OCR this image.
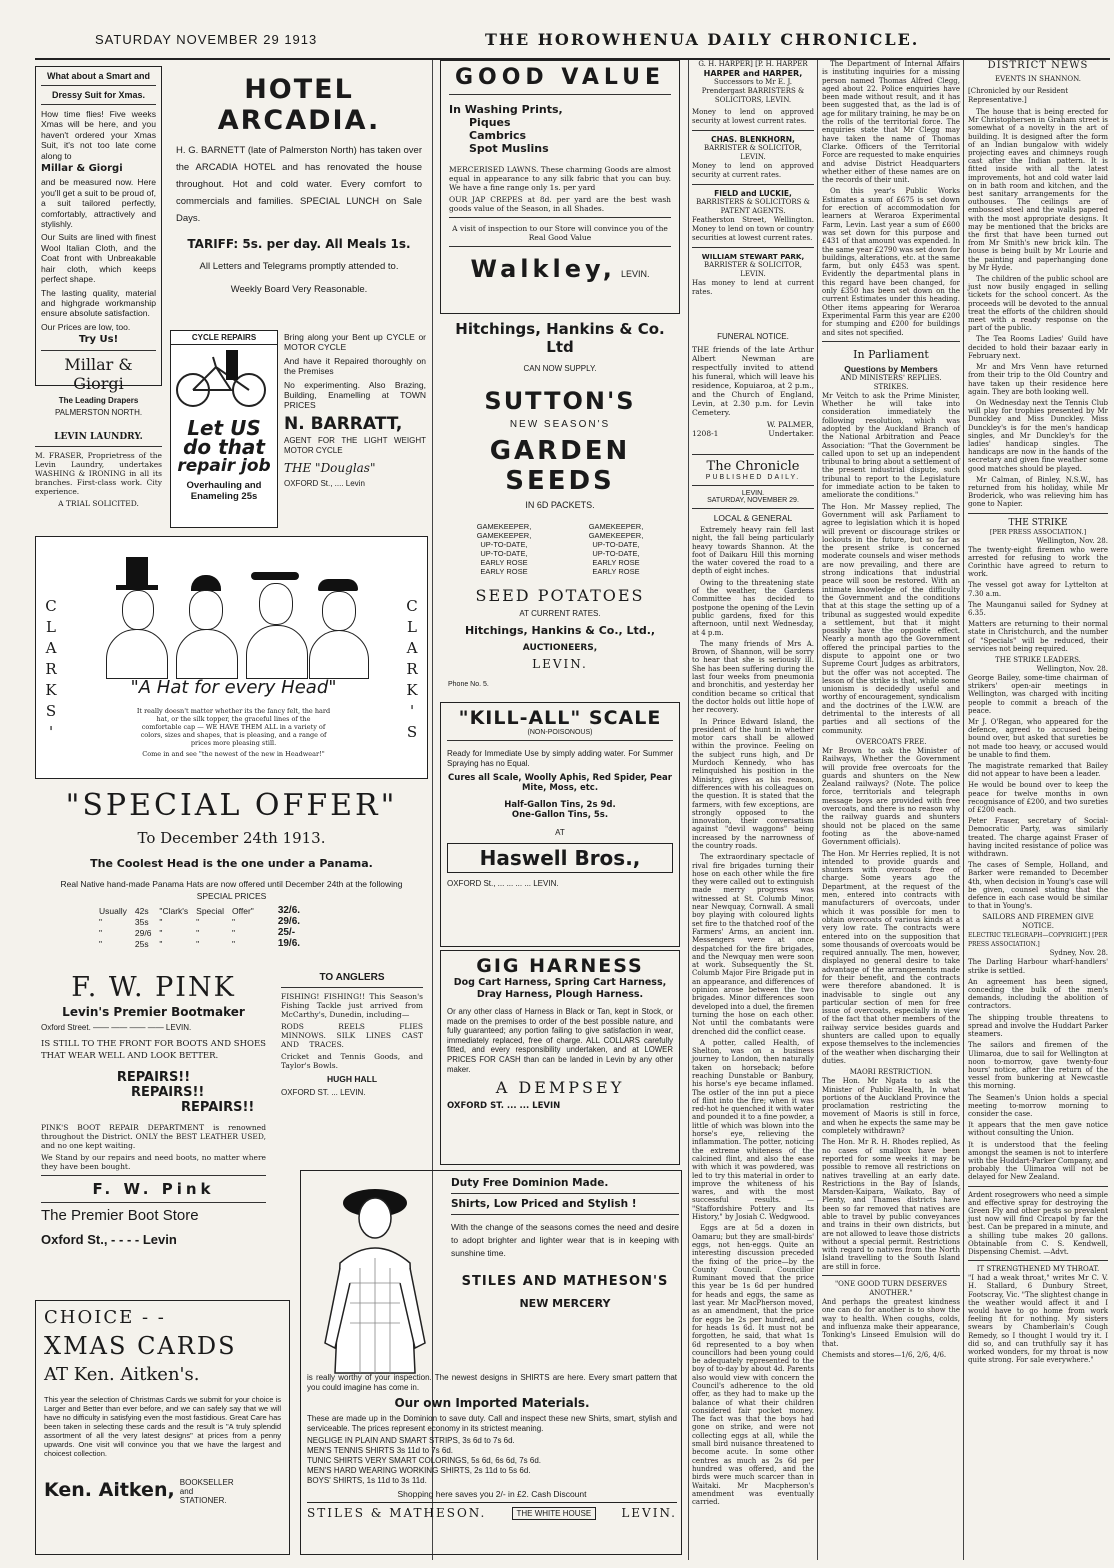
SATURDAY NOVEMBER 29 1913	THE HOROWHENUA DAILY CHRONICLE.
What about a Smart and
Dressy Suit for Xmas.

How time flies! Five weeks Xmas will be here, and you haven't ordered your Xmas Suit, it's not too late come along to

Millar & Giorgi

and be measured now. Here you'll get a suit to be proud of, a suit tailored perfectly, comfortably, attractively and stylishly.

Our Suits are lined with finest Wool Italian Cloth, and the Coat front with Unbreakable hair cloth, which keeps perfect shape.

The lasting quality, material and highgrade workmanship ensure absolute satisfaction.

Our Prices are low, too.

Try Us!

Millar & Giorgi
The Leading Drapers
PALMERSTON NORTH.
LEVIN LAUNDRY.

M. FRASER, Proprietress of the Levin Laundry, undertakes WASHING & IRONING in all its branches. First-class work. City experience.

A TRIAL SOLICITED.
HOTEL ARCADIA.

H. G. BARNETT (late of Palmerston North) has taken over the ARCADIA HOTEL and has renovated the house throughout. Hot and cold water. Every comfort to commercials and families. SPECIAL LUNCH on Sale Days.

TARIFF: 5s. per day. All Meals 1s.
All Letters and Telegrams promptly attended to.
Weekly Board Very Reasonable.
CYCLE REPAIRS
Let US
do that
repair job
Overhauling and
Enameling 25s

Bring along your Bent up CYCLE or MOTOR CYCLE

And have it Repaired thoroughly on the Premises

No experimenting. Also Brazing, Building, Enamelling at TOWN PRICES

N. BARRATT,

AGENT FOR THE LIGHT WEIGHT MOTOR CYCLE

THE "Douglas"
OXFORD St., .... Levin
CLARKS'	CLARK'S
"A Hat for every Head"

It really doesn't matter whether its the fancy felt, the hard hat, or the silk topper, the graceful lines of the comfortable cap — WE HAVE THEM ALL in a variety of colors, sizes and shapes, that is pleasing, and a range of prices more pleasing still.

Come in and see "the newest of the new in Headwear!"

"SPECIAL OFFER"
To December 24th 1913.
The Coolest Head is the one under a Panama.

Real Native hand-made Panama Hats are now offered until December 24th at the following SPECIAL PRICES

Usually	42s	"Clark's	Special	Offer"	32/6.
"	35s	"	"	"	29/6.
"	29/6	"	"	"	25/-
"	25s	"	"	"	19/6.
F. W. PINK
Levin's Premier Bootmaker
Oxford Street. —— —— —— —— LEVIN.

IS STILL TO THE FRONT FOR BOOTS AND SHOES THAT WEAR WELL AND LOOK BETTER.

REPAIRS!!
REPAIRS!!
REPAIRS!!

PINK'S BOOT REPAIR DEPARTMENT is renowned throughout the District. ONLY the BEST LEATHER USED, and no one kept waiting.

We Stand by our repairs and need boots, no matter where they have been bought.

F. W. Pink
The Premier Boot Store
Oxford St., - - - - Levin
TO ANGLERS

FISHING! FISHING!! This Season's Fishing Tackle just arrived from McCarthy's, Dunedin, including—

RODS REELS FLIES MINNOWS. SILK LINES CAST AND TRACES.

Cricket and Tennis Goods, and Taylor's Bowls.

HUGH HALL
OXFORD ST. ... LEVIN.
CHOICE - -
XMAS CARDS
AT Ken. Aitken's.

This year the selection of Christmas Cards we submit for your choice is Larger and Better than ever before, and we can safely say that we will have no difficulty in satisfying even the most fastidious. Great Care has been taken in selecting these cards and the result is "A truly splendid assortment of all the very latest designs" at prices from a penny upwards. One visit will convince you that we have the largest and choicest collection.

Ken. Aitken, BOOKSELLER and STATIONER.
GOOD VALUE
In Washing Prints,
Piques
Cambrics
Spot Muslins

MERCERISED LAWNS. These charming Goods are almost equal in appearance to any silk fabric that you can buy. We have a fine range only 1s. per yard

OUR JAP CREPES at 8d. per yard are the best wash goods value of the Season, in all Shades.

A visit of inspection to our Store will convince you of the Real Good Value

Walkley, LEVIN.
Hitchings, Hankins & Co. Ltd
CAN NOW SUPPLY.
SUTTON'S
NEW SEASON'S
GARDEN SEEDS
IN 6D PACKETS.
GAMEKEEPER,	GAMEKEEPER,
GAMEKEEPER,	GAMEKEEPER,
UP-TO-DATE,	UP-TO-DATE,
UP-TO-DATE,	UP-TO-DATE,
EARLY ROSE	EARLY ROSE
EARLY ROSE	EARLY ROSE
SEED POTATOES
AT CURRENT RATES.
Hitchings, Hankins & Co., Ltd.,
AUCTIONEERS,
LEVIN.
Phone No. 5.
"KILL-ALL" SCALE
(NON-POISONOUS)

Ready for Immediate Use by simply adding water. For Summer Spraying has no Equal.

Cures all Scale, Woolly Aphis, Red Spider, Pear Mite, Moss, etc.

Half-Gallon Tins, 2s 9d.
One-Gallon Tins, 5s.
AT
Haswell Bros.,
OXFORD St., ... ... ... ... LEVIN.
GIG HARNESS
Dog Cart Harness, Spring Cart Harness, Dray Harness, Plough Harness.

Or any other class of Harness in Black or Tan, kept in Stock, or made on the premises to order of the best possible nature, and fully guaranteed; any portion failing to give satisfaction in wear, immediately replaced, free of charge. ALL COLLARS carefully fitted, and every responsibility undertaken, and at LOWER PRICES FOR CASH than can be landed in Levin by any other maker.

A DEMPSEY
OXFORD ST. ... ... LEVIN
Duty Free Dominion Made.
Shirts, Low Priced and Stylish !

With the change of the seasons comes the need and desire to adopt brighter and lighter wear that is in keeping with sunshine time.

STILES AND MATHESON'S
NEW MERCERY

is really worthy of your inspection. The newest designs in SHIRTS are here. Every smart pattern that you could imagine has come in.

Our own Imported Materials.

These are made up in the Dominion to save duty. Call and inspect these new Shirts, smart, stylish and serviceable. The prices represent economy in its strictest meaning.

NEGLIGE IN PLAIN AND SMART STRIPS, 3s 6d to 7s 6d.
MEN'S TENNIS SHIRTS 3s 11d to 7s 6d.
TUNIC SHIRTS VERY SMART COLORINGS, 5s 6d, 6s 6d, 7s 6d.
MEN'S HARD WEARING WORKING SHIRTS, 2s 11d to 5s 6d.
BOYS' SHIRTS, 1s 11d to 3s 11d.
Shopping here saves you 2/- in £2. Cash Discount
STILES & MATHESON.	THE WHITE HOUSE	LEVIN.
G. H. HARPER] [P. H. HARPER
HARPER and HARPER,

Successors to Mr E. J. Prendergast BARRISTERS & SOLICITORS, LEVIN.

Money to lend on approved security at lowest current rates.

CHAS. BLENKHORN,
BARRISTER & SOLICITOR, LEVIN.

Money to lend on approved security at current rates.

FIELD and LUCKIE,
BARRISTERS & SOLICITORS & PATENT AGENTS.

Featherston Street, Wellington. Money to lend on town or country securities at lowest current rates.

WILLIAM STEWART PARK,
BARRISTER & SOLICITOR, LEVIN.

Has money to lend at current rates.

FUNERAL NOTICE.

THE friends of the late Arthur Albert Newman are respectfully invited to attend his funeral, which will leave his residence, Kopuiaroa, at 2 p.m., and the Church of England, Levin, at 2.30 p.m. for Levin Cemetery.

W. PALMER,
1208-1	Undertaker.
The Chronicle
PUBLISHED DAILY.
LEVIN.
SATURDAY, NOVEMBER 29.
LOCAL & GENERAL

Extremely heavy rain fell last night, the fall being particularly heavy towards Shannon. At the foot of Daikaru Hill this morning the water covered the road to a depth of eight inches.

Owing to the threatening state of the weather, the Gardens Committee has decided to postpone the opening of the Levin public gardens, fixed for this afternoon, until next Wednesday, at 4 p.m.

The many friends of Mrs A. Brown, of Shannon, will be sorry to hear that she is seriously ill. She has been suffering during the last four weeks from pneumonia and bronchitis, and yesterday her condition became so critical that the doctor holds out little hope of her recovery.

In Prince Edward Island, the president of the hunt in whether motor cars shall be allowed within the province. Feeling on the subject runs high, and Dr Murdoch Kennedy, who has relinquished his position in the Ministry, gives as his reason, differences with his colleagues on the question. It is stated that the farmers, with few exceptions, are strongly opposed to the innovation, their conversatism against "devil waggons" being increased by the narrowness of the country roads.

The extraordinary spectacle of rival fire brigades turning their hose on each other while the fire they were called out to extinguish made merry progress was witnessed at St. Columb Minor, near Newquay, Cornwall. A small boy playing with coloured lights set fire to the thatched roof of the Farmers' Arms, an ancient inn. Messengers were at once despatched for the fire brigades, and the Newquay men were soon at work. Subsequently the St. Columb Major Fire Brigade put in an appearance, and differences of opinion arose between the two brigades. Minor differences soon developed into a duel, the firemen turning the hose on each other. Not until the combatants were drenched did the conflict cease.

A potter, called Health, of Shelton, was on a business journey to London, then naturally taken on horseback; before reaching Dunstable or Banbury, his horse's eye became inflamed. The ostler of the inn put a piece of flint into the fire; when it was red-hot he quenched it with water and pounded it to a fine powder, a little of which was blown into the horse's eye, relieving the inflammation. The potter, noticing the extreme whiteness of the calcined flint, and also the ease with which it was powdered, was led to try this material in order to improve the whiteness of his wares, and with the most successful results. — "Staffordshire Pottery and Its History," by Josiah C. Wedgwood.

Eggs are at 5d a dozen in Oamaru; but they are small-birds' eggs, not hen-eggs. Quite an interesting discussion preceded the fixing of the price—by the County Council. Councillor Ruminant moved that the price this year be 1s 6d per hundred for heads and eggs, the same as last year. Mr MacPherson moved, as an amendment, that the price for eggs be 2s per hundred, and for heads 1s 6d. It must not be forgotten, he said, that what 1s 6d represented to a boy when councillors had been young could be adequately represented to the boy of to-day by about 4d. Parents also would view with concern the Council's adherence to the old offer, as they had to make up the balance of what their children considered fair pocket money. The fact was that the boys had gone on strike, and were not collecting eggs at all, while the small bird nuisance threatened to become acute. In some other centres as much as 2s 6d per hundred was offered, and the birds were much scarcer than in Waitaki. Mr Macpherson's amendment was eventually carried.

The Department of Internal Affairs is instituting inquiries for a missing person named Thomas Alfred Clegg, aged about 22. Police enquiries have been made without result, and it has been suggested that, as the lad is of age for military training, he may be on the rolls of the territorial force. The enquiries state that Mr Clegg may have taken the name of Thomas Clarke. Officers of the Territorial Force are requested to make enquiries and advise District Headquarters whether either of these names are on the records of their unit.

On this year's Public Works Estimates a sum of £675 is set down for erection of accommodation for learners at Weraroa Experimental Farm, Levin. Last year a sum of £600 was set down for this purpose and £431 of that amount was expended. In the same year £2790 was set down for buildings, alterations, etc. at the same farm, but only £453 was spent. Evidently the departmental plans in this regard have been changed, for only £350 has been set down on the current Estimates under this heading. Other items appearing for Weraroa Experimental Farm this year are £200 for stumping and £200 for buildings and sites not specified.

In Parliament
Questions by Members
AND MINISTERS' REPLIES.
STRIKES.

Mr Veitch to ask the Prime Minister, Whether he will take into consideration immediately the following resolution, which was adopted by the Auckland Branch of the National Arbitration and Peace Association: "That the Government be called upon to set up an independent tribunal to bring about a settlement of the present industrial dispute, such tribunal to report to the Legislature for immediate action to be taken to ameliorate the conditions."

The Hon. Mr Massey replied, The Government will ask Parliament to agree to legislation which it is hoped will prevent or discourage strikes or lockouts in the future, but so far as the present strike is concerned moderate counsels and wiser methods are now prevailing, and there are strong indications that industrial peace will soon be restored. With an intimate knowledge of the difficulty the Government and the conditions that at this stage the setting up of a tribunal as suggested would expedite a settlement, but that it might possibly have the opposite effect. Nearly a month ago the Government offered the principal parties to the dispute to appoint one or two Supreme Court Judges as arbitrators, but the offer was not accepted. The lesson of the strike is that, while some unionism is decidedly useful and worthy of encouragement, syndicalism and the doctrines of the I.W.W. are detrimental to the interests of all parties and all sections of the community.

OVERCOATS FREE.

Mr Brown to ask the Minister of Railways, Whether the Government will provide free overcoats for the guards and shunters on the New Zealand railways? (Note. The police force, territorials and telegraph message boys are provided with free overcoats, and there is no reason why the railway guards and shunters should not be placed on the same footing as the above-named Government officials).

The Hon. Mr Herries replied, It is not intended to provide guards and shunters with overcoats free of charge. Some years ago the Department, at the request of the men, entered into contracts with manufacturers of overcoats, under which it was possible for men to obtain overcoats of various kinds at a very low rate. The contracts were entered into on the supposition that some thousands of overcoats would be required annually. The men, however, displayed no general desire to take advantage of the arrangements made for their benefit, and the contracts were therefore abandoned. It is inadvisable to single out any particular section of men for free issue of overcoats, especially in view of the fact that other members of the railway service besides guards and shunters are called upon to equally expose themselves to the inclemencies of the weather when discharging their duties.

MAORI RESTRICTION.

The Hon. Mr Ngata to ask the Minister of Public Health, In what portions of the Auckland Province the proclamation restricting the movement of Maoris is still in force, and when he expects the same may be completely withdrawn?

The Hon. Mr R. H. Rhodes replied, As no cases of smallpox have been reported for some weeks it may be possible to remove all restrictions on natives travelling at an early date. Restrictions in the Bay of Islands, Marsden-Kaipara, Waikato, Bay of Plenty, and Thames districts have been so far removed that natives are able to travel by public conveyances and trains in their own districts, but are not allowed to leave those districts without a special permit. Restrictions with regard to natives from the North Island travelling to the South Island are still in force.

"ONE GOOD TURN DESERVES ANOTHER."

And perhaps the greatest kindness one can do for another is to show the way to health. When coughs, colds, and influenza make their appearance, Tonking's Linseed Emulsion will do that.

Chemists and stores—1/6, 2/6, 4/6.
DISTRICT NEWS
EVENTS IN SHANNON.
[Chronicled by our Resident Representative.]

The house that is being erected for Mr Christophersen in Graham street is somewhat of a novelty in the art of building. It is designed after the form of an Indian bungalow with widely projecting eaves and chimneys rough cast after the Indian pattern. It is fitted inside with all the latest improvements, hot and cold water laid on in bath room and kitchen, and the best sanitary arrangements for the outhouses. The ceilings are of embossed steel and the walls papered with the most appropriate designs. It may be mentioned that the bricks are the first that have been turned out from Mr Smith's new brick kiln. The house is being built by Mr Lourie and the painting and paperhanging done by Mr Hyde.

The children of the public school are just now busily engaged in selling tickets for the school concert. As the proceeds will be devoted to the annual treat the efforts of the children should meet with a ready response on the part of the public.

The Tea Rooms Ladies' Guild have decided to hold their bazaar early in February next.

Mr and Mrs Venn have returned from their trip to the Old Country and have taken up their residence here again. They are both looking well.

On Wednesday next the Tennis Club will play for trophies presented by Mr Dunckley and Miss Dunckley. Miss Dunckley's is for the men's handicap singles, and Mr Dunckley's for the ladies' handicap singles. The handicaps are now in the hands of the secretary and given fine weather some good matches should be played.

Mr Calman, of Binley, N.S.W., has returned from his holiday, while Mr Broderick, who was relieving him has gone to Napier.

THE STRIKE
[PER PRESS ASSOCIATION.]
Wellington, Nov. 28.

The twenty-eight firemen who were arrested for refusing to work the Corinthic have agreed to return to work.

The vessel got away for Lyttelton at 7.30 a.m.

The Maunganui sailed for Sydney at 6.35.

Matters are returning to their normal state in Christchurch, and the number of "Specials" will be reduced, their services not being required.

THE STRIKE LEADERS.
Wellington, Nov. 28.

George Bailey, some-time chairman of strikers' open-air meetings in Wellington, was charged with inciting people to commit a breach of the peace.

Mr J. O'Regan, who appeared for the defence, agreed to accused being bound over, but asked that sureties be not made too heavy, or accused would be unable to find them.

The magistrate remarked that Bailey did not appear to have been a leader.

He would be bound over to keep the peace for twelve months in own recognisance of £200, and two sureties of £200 each.

Peter Fraser, secretary of Social-Democratic Party, was similarly treated. The charge against Fraser of having incited resistance of police was withdrawn.

The cases of Semple, Holland, and Barker were remanded to December 4th, when decision in Young's case will be given, counsel stating that the defence in each case would be similar to that in Young's.

SAILORS AND FIREMEN GIVE NOTICE.
ELECTRIC TELEGRAPH—COPYRIGHT.] [PER PRESS ASSOCIATION.]
Sydney, Nov. 28.

The Darling Harbour wharf-handlers' strike is settled.

An agreement has been signed, conceding the bulk of the men's demands, including the abolition of contractors.

The shipping trouble threatens to spread and involve the Huddart Parker steamers.

The sailors and firemen of the Ulimaroa, due to sail for Wellington at noon to-morrow, gave twenty-four hours' notice, after the return of the vessel from bunkering at Newcastle this morning.

The Seamen's Union holds a special meeting to-morrow morning to consider the case.

It appears that the men gave notice without consulting the Union.

It is understood that the feeling amongst the seamen is not to interfere with the Huddart-Parker Company, and probably the Ulimaroa will not be delayed for New Zealand.

Ardent rosegrowers who need a simple and effective spray for destroying the Green Fly and other pests so prevalent just now will find Circapol by far the best. Can be prepared in a minute, and a shilling tube makes 20 gallons. Obtainable from C. S. Kendwell, Dispensing Chemist. —Advt.

IT STRENGTHENED MY THROAT.

"I had a weak throat," writes Mr C. V. H. Stallard, 6 Dunbury Street, Footscray, Vic. "The slightest change in the weather would affect it and I would have to go home from work feeling fit for nothing. My sisters swears by Chamberlain's Cough Remedy, so I thought I would try it. I did so, and can truthfully say it has worked wonders, for my throat is now quite strong. For sale everywhere."
